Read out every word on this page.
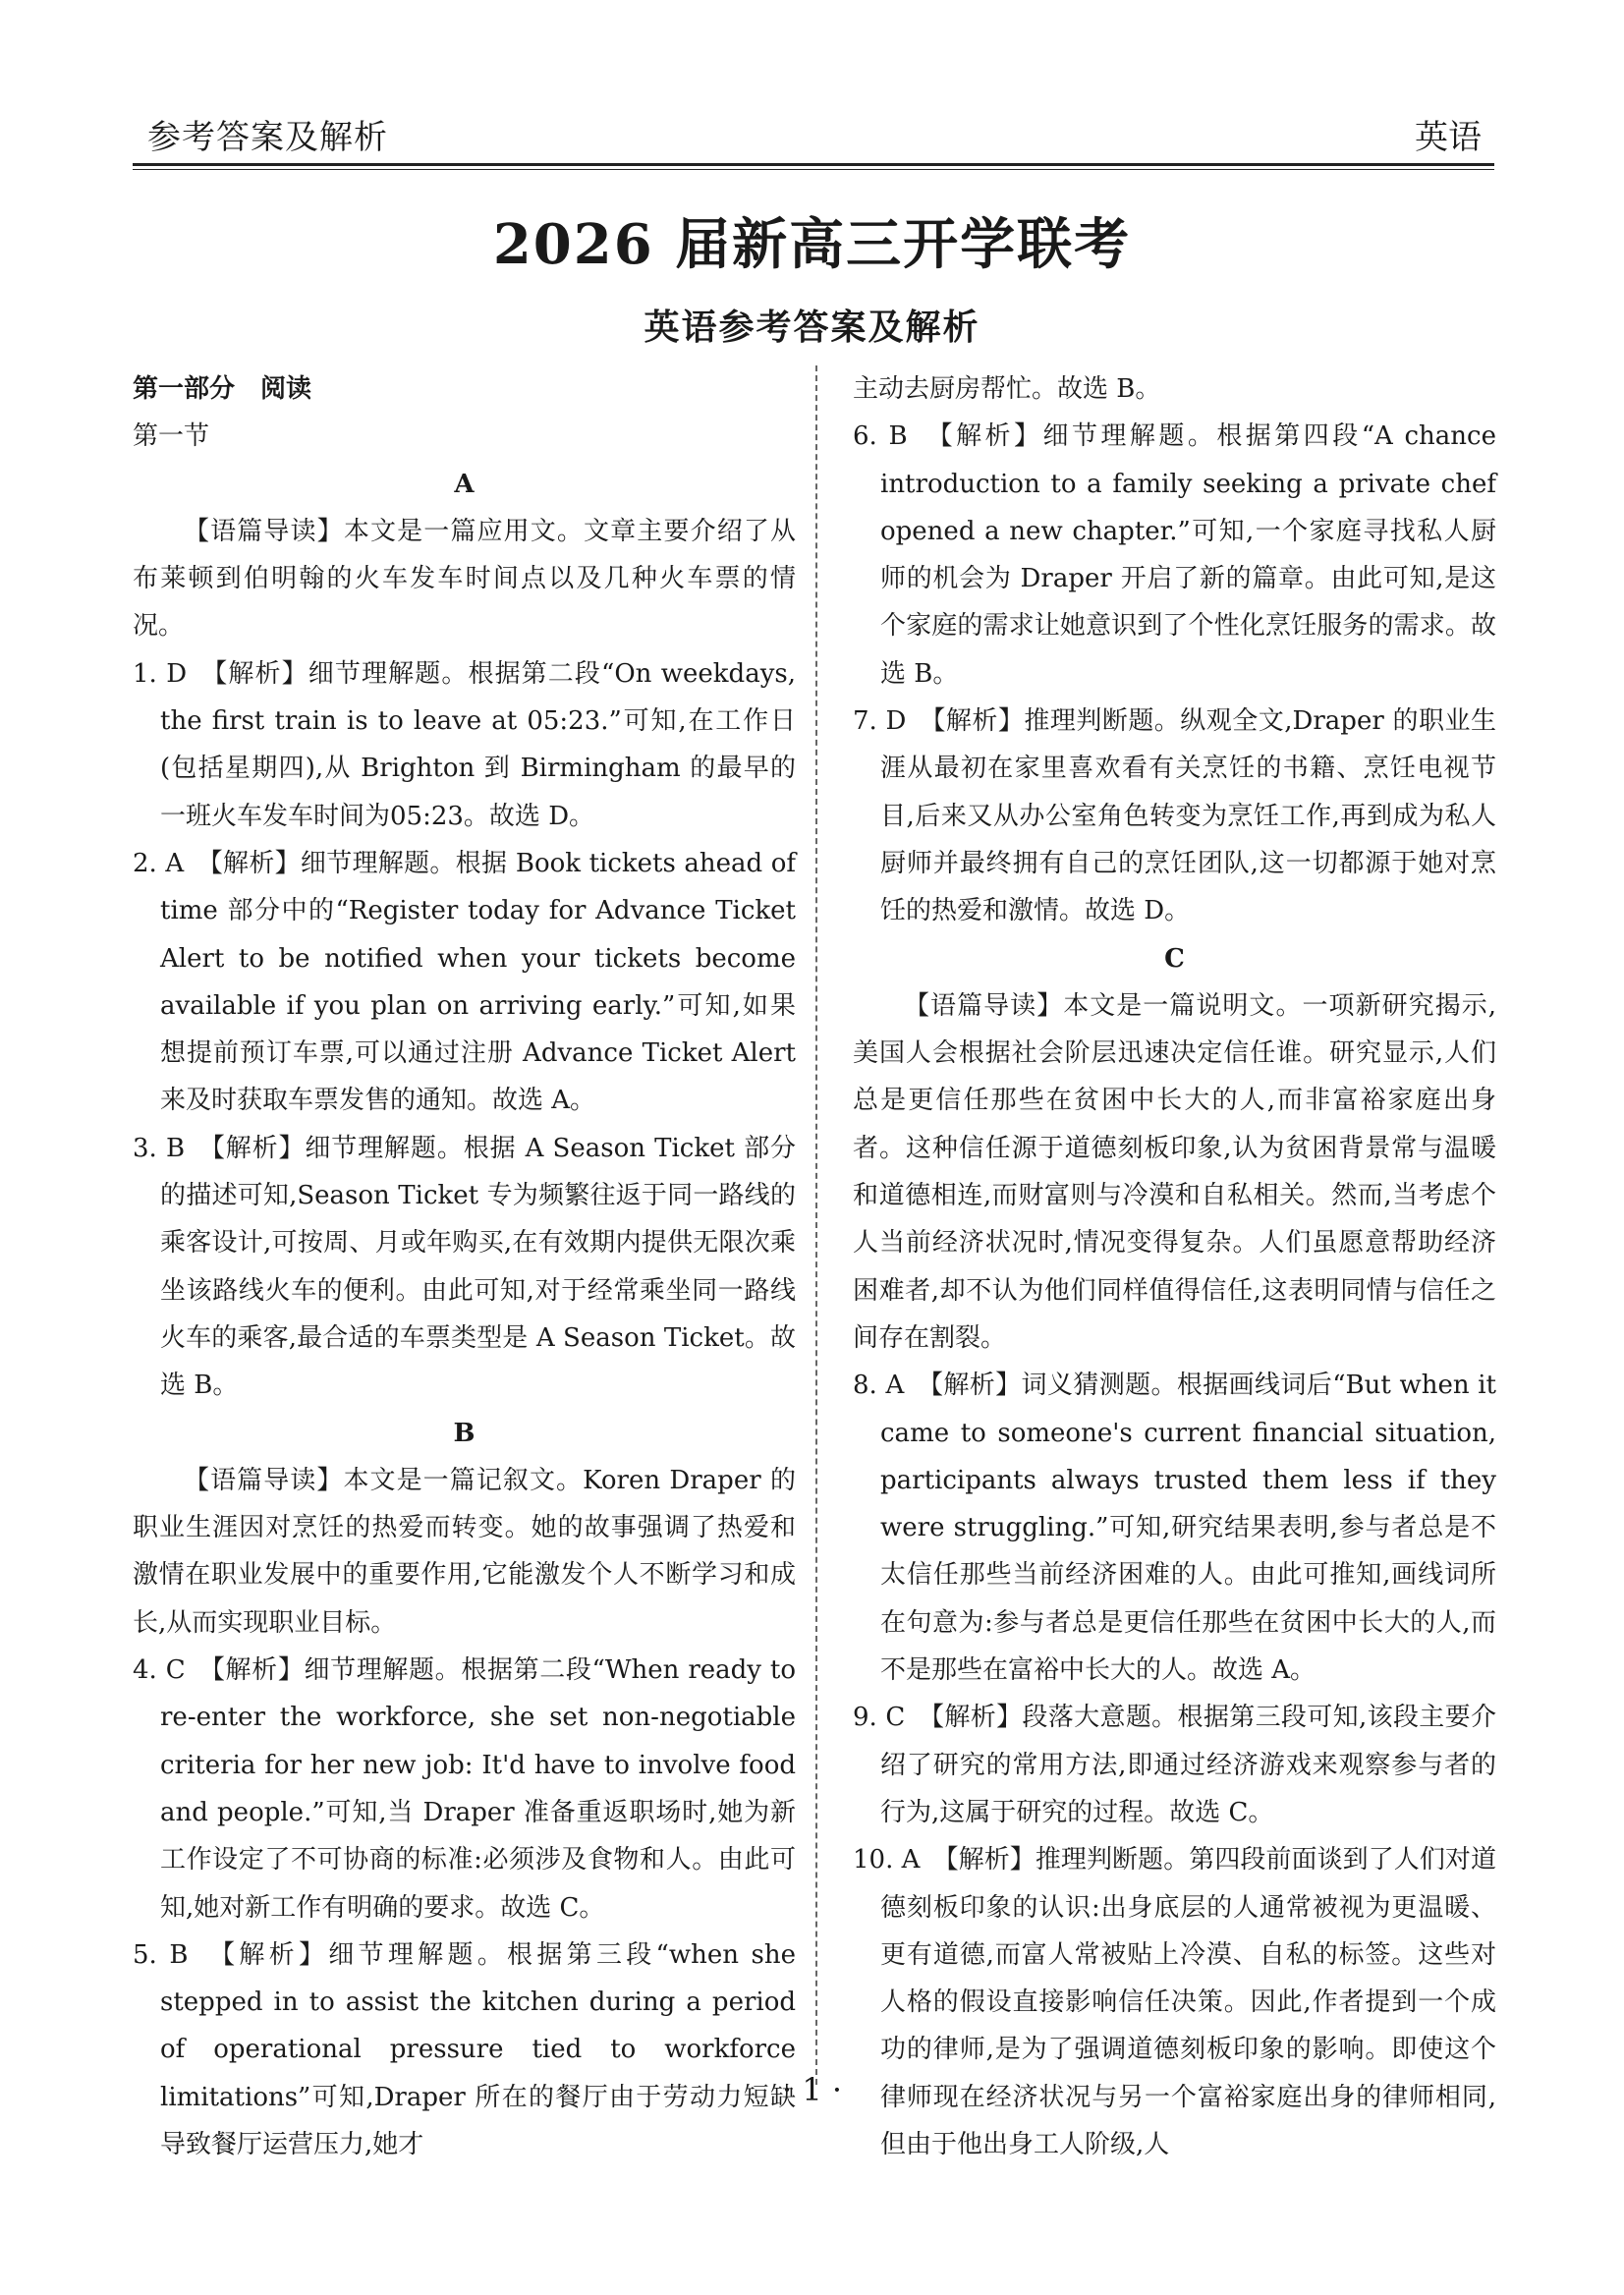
参考答案及解析	英语
2026 届新高三开学联考
英语参考答案及解析

第一部分　阅读

第一节

A

【语篇导读】本文是一篇应用文。文章主要介绍了从布莱顿到伯明翰的火车发车时间点以及几种火车票的情况。

1. D　【解析】细节理解题。根据第二段“On weekdays, the first train is to leave at 05:23.”可知,在工作日(包括星期四),从 Brighton 到 Birmingham 的最早的一班火车发车时间为05:23。故选 D。

2. A　【解析】细节理解题。根据 Book tickets ahead of time 部分中的“Register today for Advance Ticket Alert to be notified when your tickets become available if you plan on arriving early.”可知,如果想提前预订车票,可以通过注册 Advance Ticket Alert 来及时获取车票发售的通知。故选 A。

3. B　【解析】细节理解题。根据 A Season Ticket 部分的描述可知,Season Ticket 专为频繁往返于同一路线的乘客设计,可按周、月或年购买,在有效期内提供无限次乘坐该路线火车的便利。由此可知,对于经常乘坐同一路线火车的乘客,最合适的车票类型是 A Season Ticket。故选 B。

B

【语篇导读】本文是一篇记叙文。Koren Draper 的职业生涯因对烹饪的热爱而转变。她的故事强调了热爱和激情在职业发展中的重要作用,它能激发个人不断学习和成长,从而实现职业目标。

4. C　【解析】细节理解题。根据第二段“When ready to re-enter the workforce, she set non-negotiable criteria for her new job: It'd have to involve food and people.”可知,当 Draper 准备重返职场时,她为新工作设定了不可协商的标准:必须涉及食物和人。由此可知,她对新工作有明确的要求。故选 C。

5. B　【解析】细节理解题。根据第三段“when she stepped in to assist the kitchen during a period of operational pressure tied to workforce limitations”可知,Draper 所在的餐厅由于劳动力短缺导致餐厅运营压力,她才

主动去厨房帮忙。故选 B。

6. B　【解析】细节理解题。根据第四段“A chance introduction to a family seeking a private chef opened a new chapter.”可知,一个家庭寻找私人厨师的机会为 Draper 开启了新的篇章。由此可知,是这个家庭的需求让她意识到了个性化烹饪服务的需求。故选 B。

7. D　【解析】推理判断题。纵观全文,Draper 的职业生涯从最初在家里喜欢看有关烹饪的书籍、烹饪电视节目,后来又从办公室角色转变为烹饪工作,再到成为私人厨师并最终拥有自己的烹饪团队,这一切都源于她对烹饪的热爱和激情。故选 D。

C

【语篇导读】本文是一篇说明文。一项新研究揭示,美国人会根据社会阶层迅速决定信任谁。研究显示,人们总是更信任那些在贫困中长大的人,而非富裕家庭出身者。这种信任源于道德刻板印象,认为贫困背景常与温暖和道德相连,而财富则与冷漠和自私相关。然而,当考虑个人当前经济状况时,情况变得复杂。人们虽愿意帮助经济困难者,却不认为他们同样值得信任,这表明同情与信任之间存在割裂。

8. A　【解析】词义猜测题。根据画线词后“But when it came to someone's current financial situation, participants always trusted them less if they were struggling.”可知,研究结果表明,参与者总是不太信任那些当前经济困难的人。由此可推知,画线词所在句意为:参与者总是更信任那些在贫困中长大的人,而不是那些在富裕中长大的人。故选 A。

9. C　【解析】段落大意题。根据第三段可知,该段主要介绍了研究的常用方法,即通过经济游戏来观察参与者的行为,这属于研究的过程。故选 C。

10. A　【解析】推理判断题。第四段前面谈到了人们对道德刻板印象的认识:出身底层的人通常被视为更温暖、更有道德,而富人常被贴上冷漠、自私的标签。这些对人格的假设直接影响信任决策。因此,作者提到一个成功的律师,是为了强调道德刻板印象的影响。即使这个律师现在经济状况与另一个富裕家庭出身的律师相同,但由于他出身工人阶级,人

· 1 ·
